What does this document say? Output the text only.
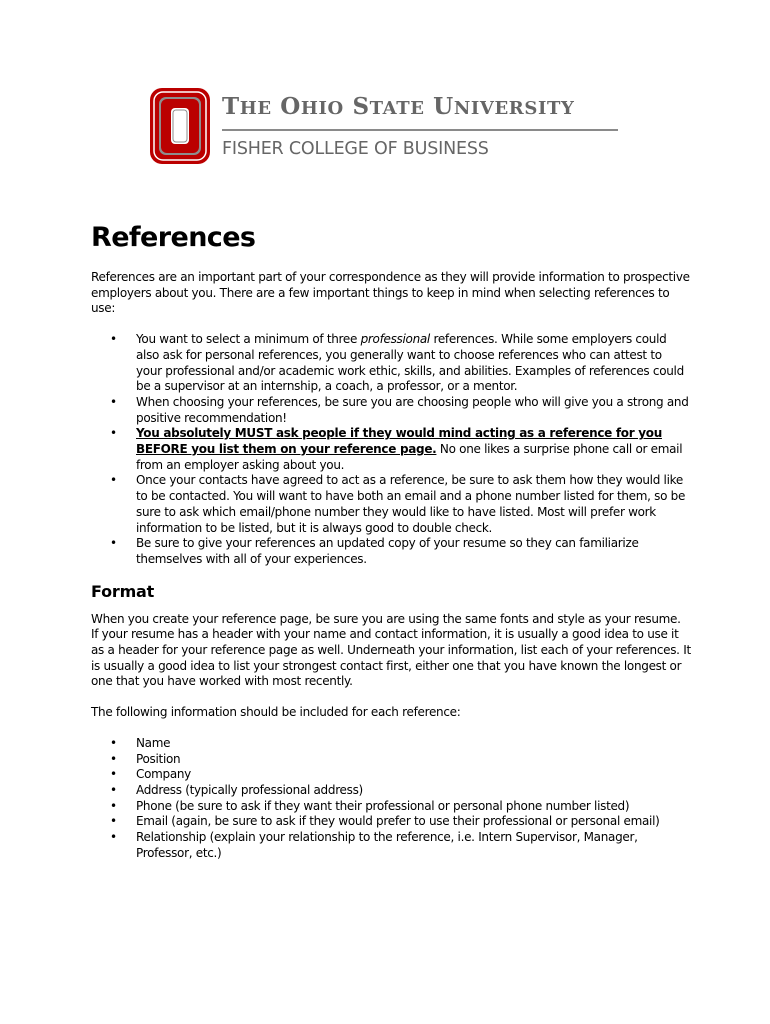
THE OHIO STATE UNIVERSITY
FISHER COLLEGE OF BUSINESS
References

References are an important part of your correspondence as they will provide information to prospective employers about you. There are a few important things to keep in mind when selecting references to use:

• You want to select a minimum of three professional references. While some employers could also ask for personal references, you generally want to choose references who can attest to your professional and/or academic work ethic, skills, and abilities. Examples of references could be a supervisor at an internship, a coach, a professor, or a mentor.
• When choosing your references, be sure you are choosing people who will give you a strong and positive recommendation!
• You absolutely MUST ask people if they would mind acting as a reference for you BEFORE you list them on your reference page. No one likes a surprise phone call or email from an employer asking about you.
• Once your contacts have agreed to act as a reference, be sure to ask them how they would like to be contacted. You will want to have both an email and a phone number listed for them, so be sure to ask which email/phone number they would like to have listed. Most will prefer work information to be listed, but it is always good to double check.
• Be sure to give your references an updated copy of your resume so they can familiarize themselves with all of your experiences.
Format

When you create your reference page, be sure you are using the same fonts and style as your resume. If your resume has a header with your name and contact information, it is usually a good idea to use it as a header for your reference page as well. Underneath your information, list each of your references. It is usually a good idea to list your strongest contact first, either one that you have known the longest or one that you have worked with most recently.

The following information should be included for each reference:

• Name
• Position
• Company
• Address (typically professional address)
• Phone (be sure to ask if they want their professional or personal phone number listed)
• Email (again, be sure to ask if they would prefer to use their professional or personal email)
• Relationship (explain your relationship to the reference, i.e. Intern Supervisor, Manager, Professor, etc.)
